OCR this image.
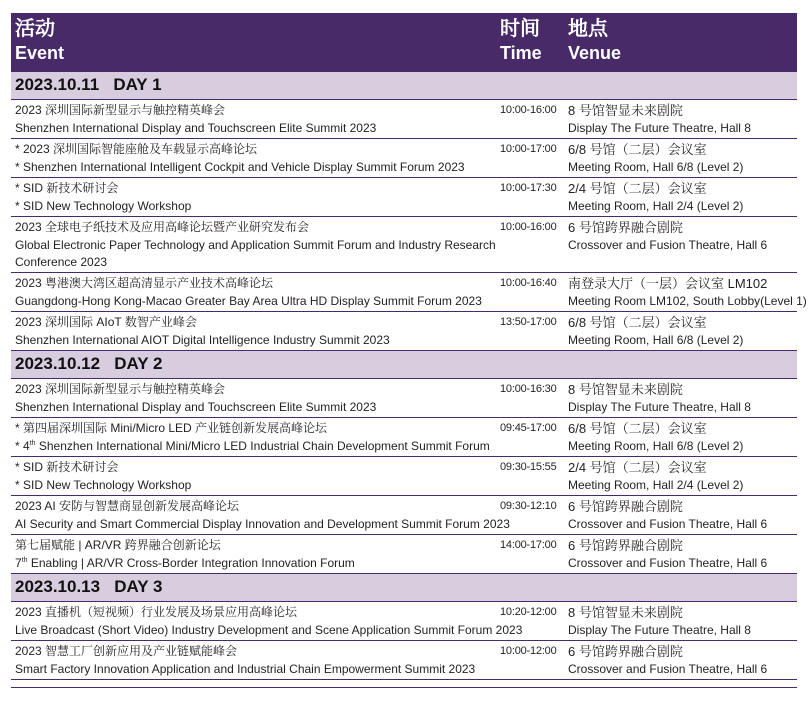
活动
Event
时间
Time
地点
Venue
2023.10.11   DAY 1
2023 深圳国际新型显示与触控精英峰会
Shenzhen International Display and Touchscreen Elite Summit 2023
10:00-16:00 8 号馆智显未来剧院
Display The Future Theatre, Hall 8
* 2023 深圳国际智能座舱及车载显示高峰论坛
* Shenzhen International Intelligent Cockpit and Vehicle Display Summit Forum 2023
10:00-17:00 6/8 号馆（二层）会议室
Meeting Room, Hall 6/8 (Level 2)
* SID 新技术研讨会
* SID New Technology Workshop
10:00-17:30 2/4 号馆（二层）会议室
Meeting Room, Hall 2/4 (Level 2)
2023 全球电子纸技术及应用高峰论坛暨产业研究发布会
Global Electronic Paper Technology and Application Summit Forum and Industry Research Conference 2023
10:00-16:00 6 号馆跨界融合剧院
Crossover and Fusion Theatre, Hall 6
2023 粤港澳大湾区超高清显示产业技术高峰论坛
Guangdong-Hong Kong-Macao Greater Bay Area Ultra HD Display Summit Forum 2023
10:00-16:40 南登录大厅（一层）会议室 LM102
Meeting Room LM102, South Lobby(Level 1)
2023 深圳国际 AIoT 数智产业峰会
Shenzhen International AIOT Digital Intelligence Industry Summit 2023
13:50-17:00 6/8 号馆（二层）会议室
Meeting Room, Hall 6/8 (Level 2)
2023.10.12   DAY 2
2023 深圳国际新型显示与触控精英峰会
Shenzhen International Display and Touchscreen Elite Summit 2023
10:00-16:30 8 号馆智显未来剧院
Display The Future Theatre, Hall 8
* 第四届深圳国际 Mini/Micro LED 产业链创新发展高峰论坛
* 4th Shenzhen International Mini/Micro LED Industrial Chain Development Summit Forum
09:45-17:00 6/8 号馆（二层）会议室
Meeting Room, Hall 6/8 (Level 2)
* SID 新技术研讨会
* SID New Technology Workshop
09:30-15:55 2/4 号馆（二层）会议室
Meeting Room, Hall 2/4 (Level 2)
2023 AI 安防与智慧商显创新发展高峰论坛
AI Security and Smart Commercial Display Innovation and Development Summit Forum 2023
09:30-12:10 6 号馆跨界融合剧院
Crossover and Fusion Theatre, Hall 6
第七届赋能 | AR/VR 跨界融合创新论坛
7th Enabling | AR/VR Cross-Border Integration Innovation Forum
14:00-17:00 6 号馆跨界融合剧院
Crossover and Fusion Theatre, Hall 6
2023.10.13   DAY 3
2023 直播机（短视频）行业发展及场景应用高峰论坛
Live Broadcast (Short Video) Industry Development and Scene Application Summit Forum 2023
10:20-12:00 8 号馆智显未来剧院
Display The Future Theatre, Hall 8
2023 智慧工厂创新应用及产业链赋能峰会
Smart Factory Innovation Application and Industrial Chain Empowerment Summit 2023
10:00-12:00 6 号馆跨界融合剧院
Crossover and Fusion Theatre, Hall 6
